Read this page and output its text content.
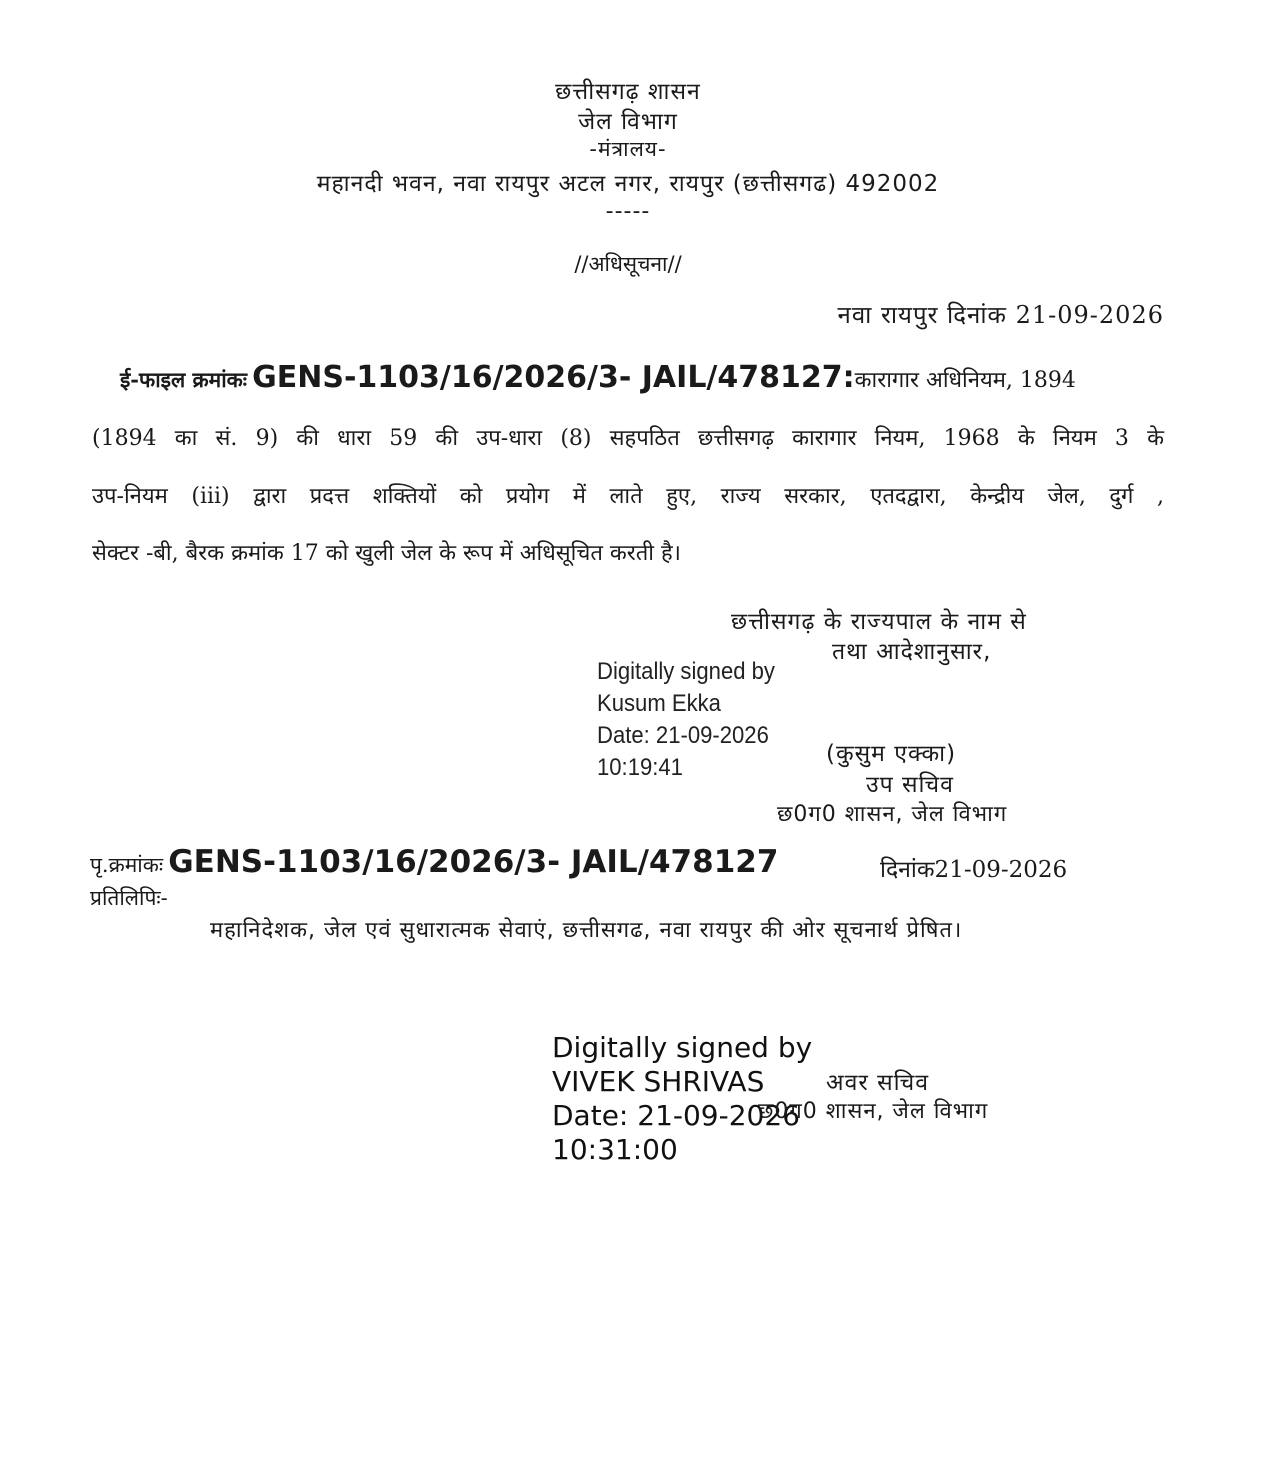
छत्तीसगढ़ शासन
जेल विभाग
-मंत्रालय-
महानदी भवन, नवा रायपुर अटल नगर, रायपुर (छत्तीसगढ) 492002
-----
//अधिसूचना//
नवा रायपुर दिनांक 21-09-2026
ई-फाइल क्रमांकः GENS-1103/16/2026/3- JAIL/478127:कारागार अधिनियम, 1894
(1894 का सं. 9) की धारा 59 की उप-धारा (8) सहपठित छत्तीसगढ़ कारागार नियम, 1968 के नियम 3 के
उप-नियम (iii) द्वारा प्रदत्त शक्तियों को प्रयोग में लाते हुए, राज्य सरकार, एतदद्वारा, केन्द्रीय जेल, दुर्ग ,
सेक्टर -बी, बैरक क्रमांक 17 को खुली जेल के रूप में अधिसूचित करती है।
छत्तीसगढ़ के राज्यपाल के नाम से
तथा आदेशानुसार,
Digitally signed by
Kusum Ekka
Date: 21-09-2026
10:19:41	(कुसुम एक्का)
उप सचिव
छ0ग0 शासन, जेल विभाग
पृ.क्रमांकः GENS-1103/16/2026/3- JAIL/478127	दिनांक21-09-2026
प्रतिलिपिः-
महानिदेशक, जेल एवं सुधारात्मक सेवाएं, छत्तीसगढ, नवा रायपुर की ओर सूचनार्थ प्रेषित।
Digitally signed by
VIVEK SHRIVAS
Date: 21-09-2026
10:31:00
अवर सचिव
छ0ग0 शासन, जेल विभाग
